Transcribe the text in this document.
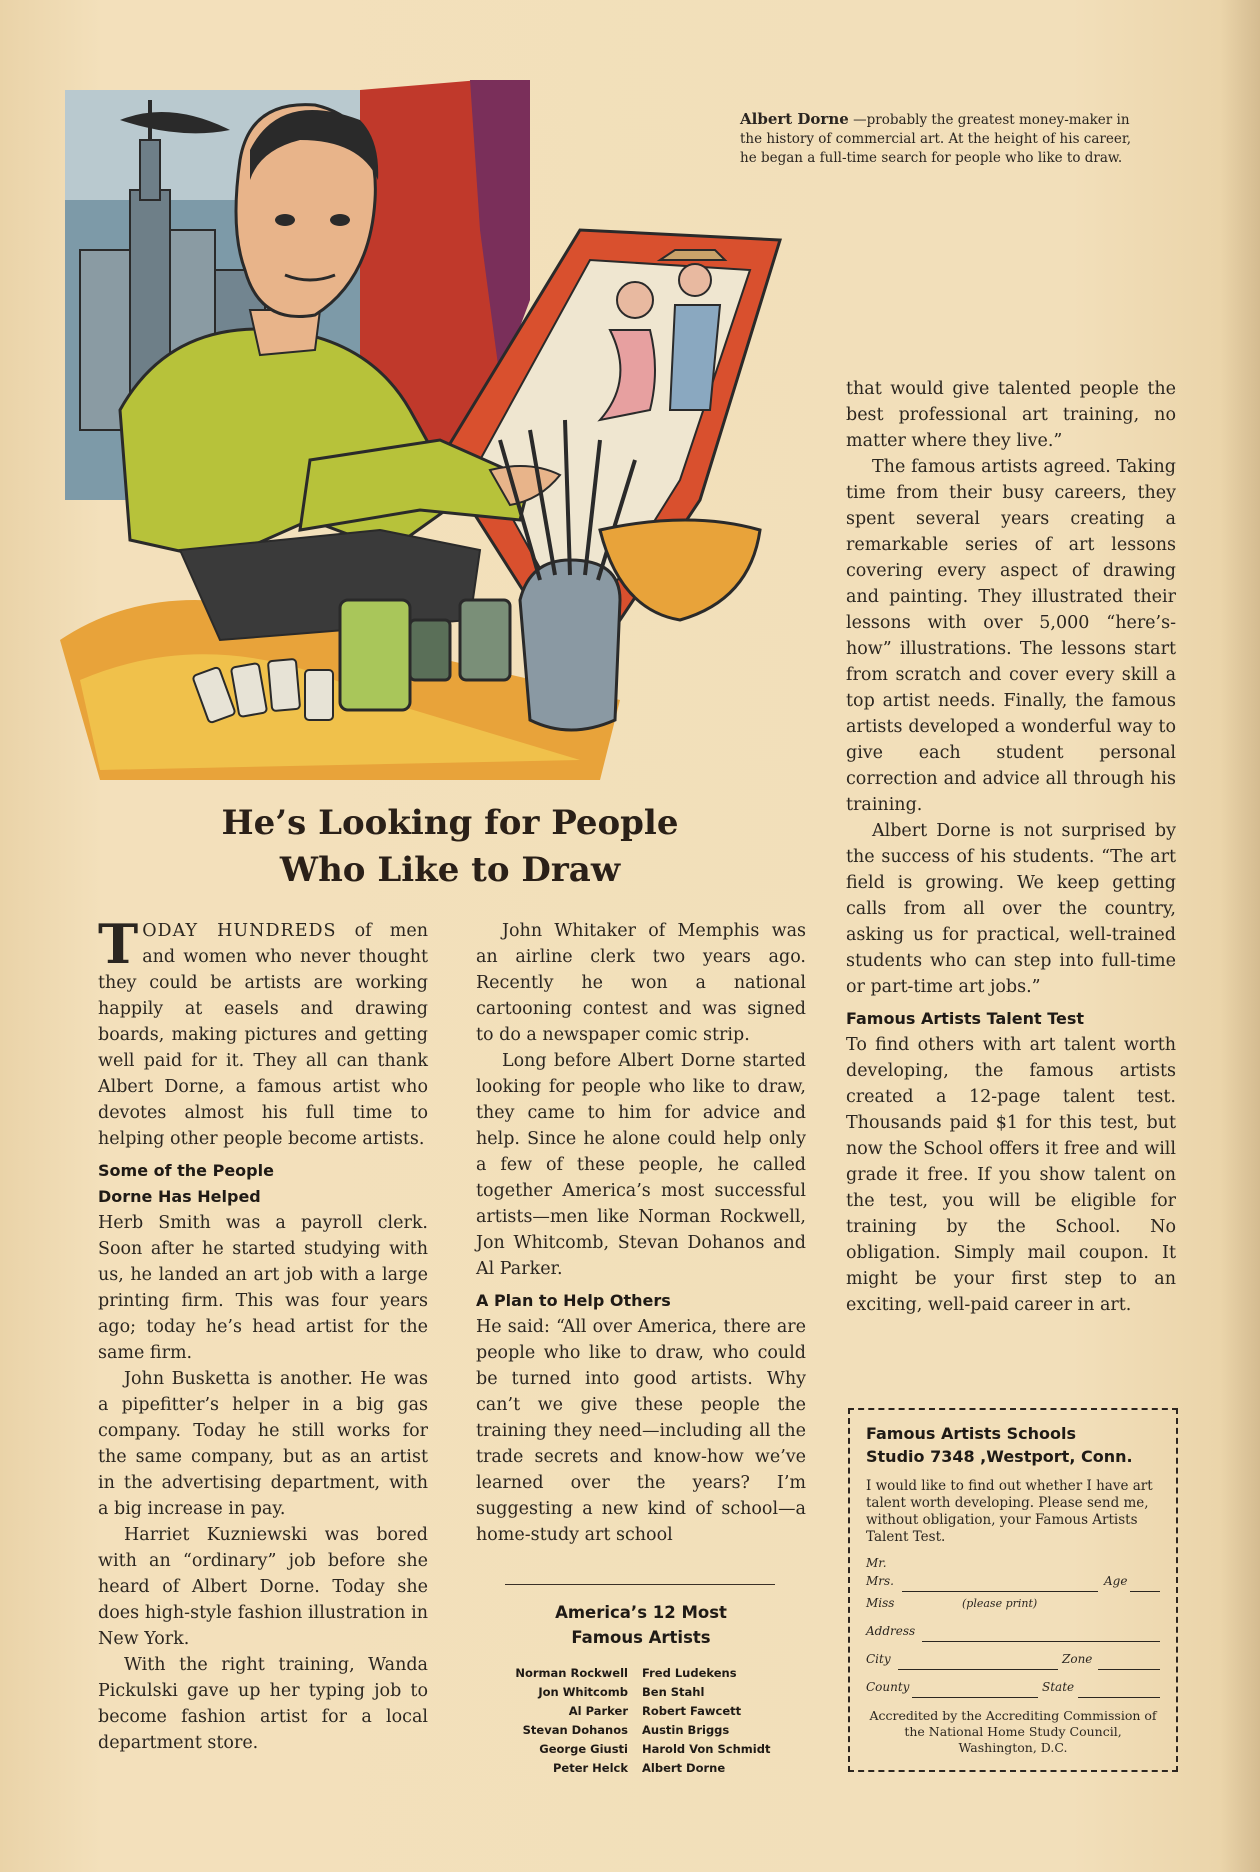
Albert Dorne —probably the greatest money-maker in the history of commercial art. At the height of his career, he began a full-time search for people who like to draw.
He’s Looking for People
Who Like to Draw

TODAY HUNDREDS of men and women who never thought they could be artists are working happily at easels and drawing boards, making pictures and getting well paid for it. They all can thank Albert Dorne, a famous artist who devotes almost his full time to helping other people become artists.

Some of the People
Dorne Has Helped

Herb Smith was a payroll clerk. Soon after he started studying with us, he landed an art job with a large printing firm. This was four years ago; today he’s head artist for the same firm.

John Busketta is another. He was a pipefitter’s helper in a big gas company. Today he still works for the same company, but as an artist in the advertising department, with a big increase in pay.

Harriet Kuzniewski was bored with an “ordinary” job before she heard of Albert Dorne. Today she does high-style fashion illustration in New York.

With the right training, Wanda Pickulski gave up her typing job to become fashion artist for a local department store.

John Whitaker of Memphis was an airline clerk two years ago. Recently he won a national cartooning contest and was signed to do a newspaper comic strip.

Long before Albert Dorne started looking for people who like to draw, they came to him for advice and help. Since he alone could help only a few of these people, he called together America’s most successful artists—men like Norman Rockwell, Jon Whitcomb, Stevan Dohanos and Al Parker.

A Plan to Help Others

He said: “All over America, there are people who like to draw, who could be turned into good artists. Why can’t we give these people the training they need—including all the trade secrets and know-how we’ve learned over the years? I’m suggesting a new kind of school—a home-study art school

America’s 12 Most
Famous Artists
Norman Rockwell	Fred Ludekens
Jon Whitcomb	Ben Stahl
Al Parker	Robert Fawcett
Stevan Dohanos	Austin Briggs
George Giusti	Harold Von Schmidt
Peter Helck	Albert Dorne

that would give talented people the best professional art training, no matter where they live.”

The famous artists agreed. Taking time from their busy careers, they spent several years creating a remarkable series of art lessons covering every aspect of drawing and painting. They illustrated their lessons with over 5,000 “here’s-how” illustrations. The lessons start from scratch and cover every skill a top artist needs. Finally, the famous artists developed a wonderful way to give each student personal correction and advice all through his training.

Albert Dorne is not surprised by the success of his students. “The art field is growing. We keep getting calls from all over the country, asking us for practical, well-trained students who can step into full-time or part-time art jobs.”

Famous Artists Talent Test

To find others with art talent worth developing, the famous artists created a 12-page talent test. Thousands paid $1 for this test, but now the School offers it free and will grade it free. If you show talent on the test, you will be eligible for training by the School. No obligation. Simply mail coupon. It might be your first step to an exciting, well-paid career in art.

Famous Artists Schools
Studio 7348 ,Westport, Conn.
I would like to find out whether I have art talent worth developing. Please send me, without obligation, your Famous Artists Talent Test.
Mr.
Mrs.	Age
Miss	(please print)
Address
City	Zone
County	State
Accredited by the Accrediting Commission of the National Home Study Council, Washington, D.C.
